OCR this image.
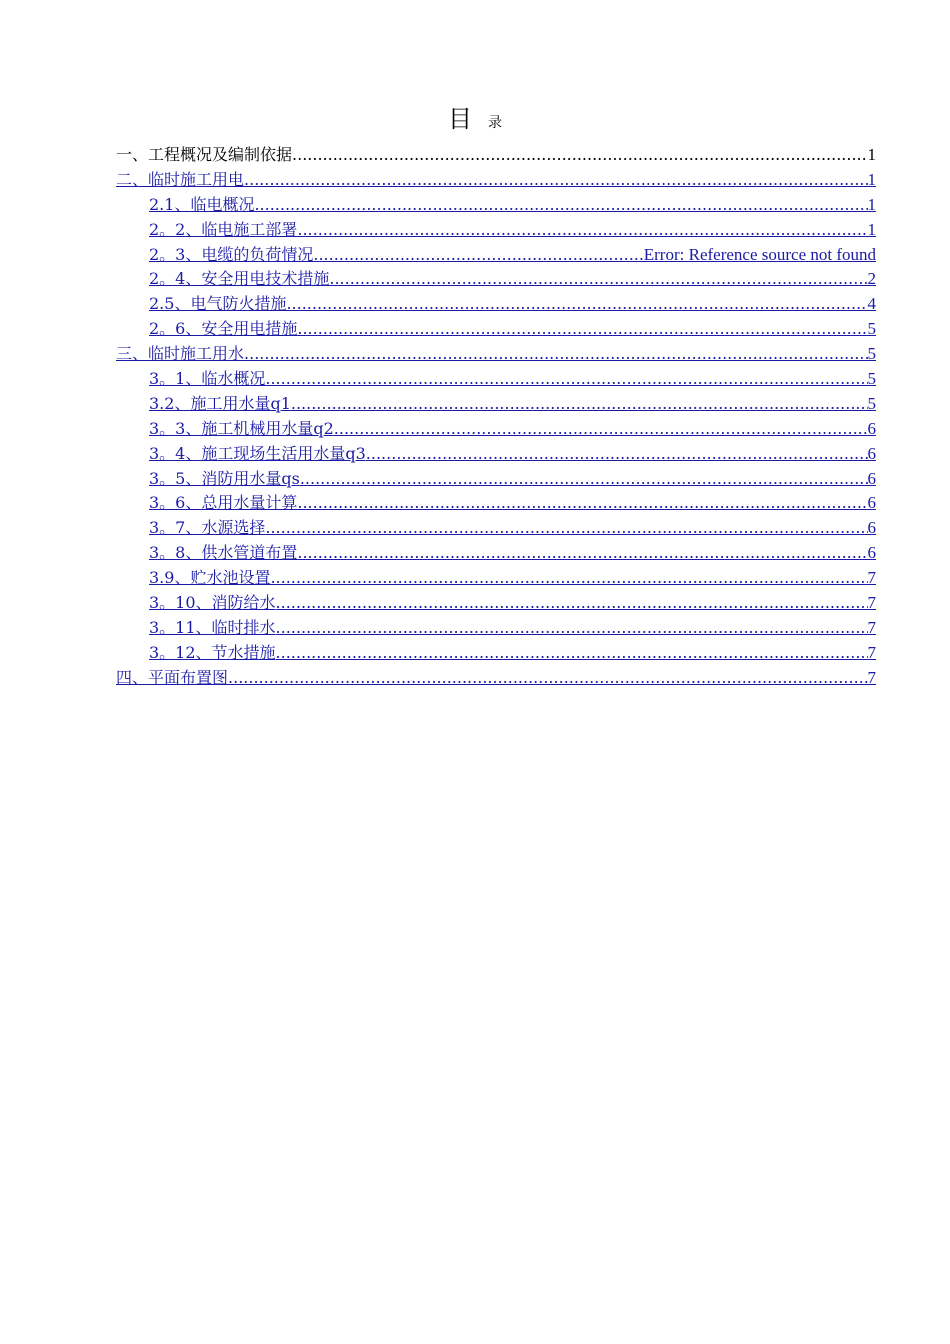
目 录
一、工程概况及编制依据 .....	1
二、临时施工用电 .....	1
2.1、临电概况 .....	1
2。2、临电施工部署 .....	1
2。3、电缆的负荷情况 .....	Error: Reference source not found
2。4、安全用电技术措施 .....	2
2.5、电气防火措施 .....	4
2。6、安全用电措施 .....	5
三、临时施工用水 .....	5
3。1、临水概况 .....	5
3.2、施工用水量q1 .....	5
3。3、施工机械用水量q2 .....	6
3。4、施工现场生活用水量q3 .....	6
3。5、消防用水量qs .....	6
3。6、总用水量计算 .....	6
3。7、水源选择 .....	6
3。8、供水管道布置 .....	6
3.9、贮水池设置 .....	7
3。10、消防给水 .....	7
3。11、临时排水 .....	7
3。12、节水措施 .....	7
四、平面布置图 .....	7
